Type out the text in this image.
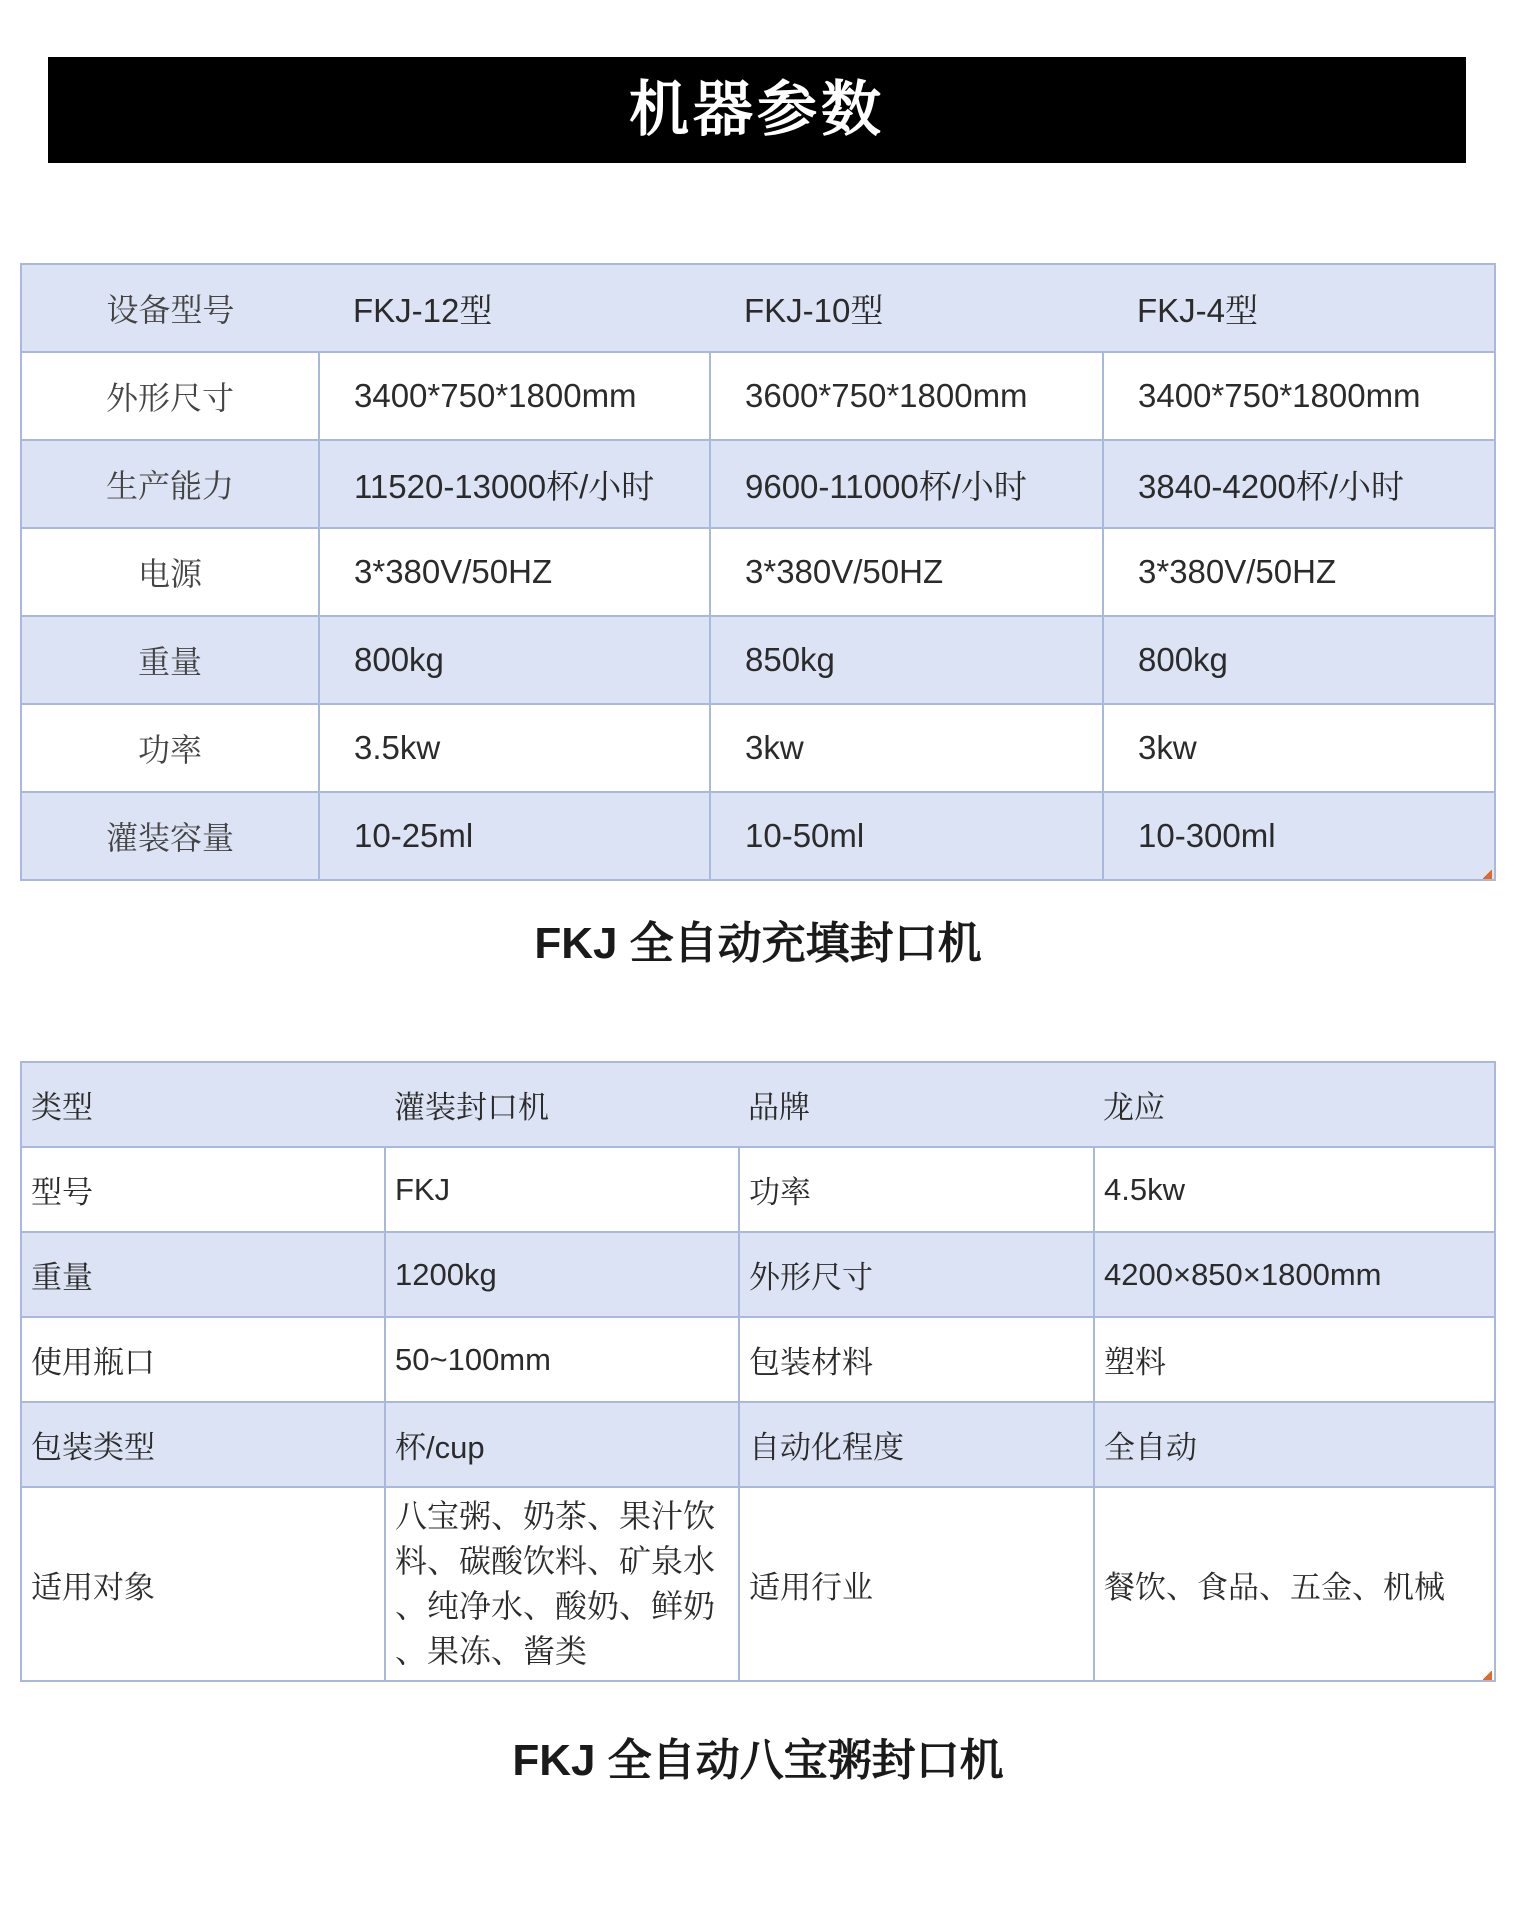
机器参数
设备型号	FKJ-12型	FKJ-10型	FKJ-4型
外形尺寸	3400*750*1800mm	3600*750*1800mm	3400*750*1800mm
生产能力	11520-13000杯/小时	9600-11000杯/小时	3840-4200杯/小时
电源	3*380V/50HZ	3*380V/50HZ	3*380V/50HZ
重量	800kg	850kg	800kg
功率	3.5kw	3kw	3kw
灌装容量	10-25ml	10-50ml	10-300ml
FKJ 全自动充填封口机
类型	灌装封口机	品牌	龙应
型号	FKJ	功率	4.5kw
重量	1200kg	外形尺寸	4200×850×1800mm
使用瓶口	50~100mm	包装材料	塑料
包装类型	杯/cup	自动化程度	全自动
适用对象	八宝粥、奶茶、果汁饮料、碳酸饮料、矿泉水、纯净水、酸奶、鲜奶、果冻、酱类	适用行业	餐饮、食品、五金、机械
FKJ 全自动八宝粥封口机
